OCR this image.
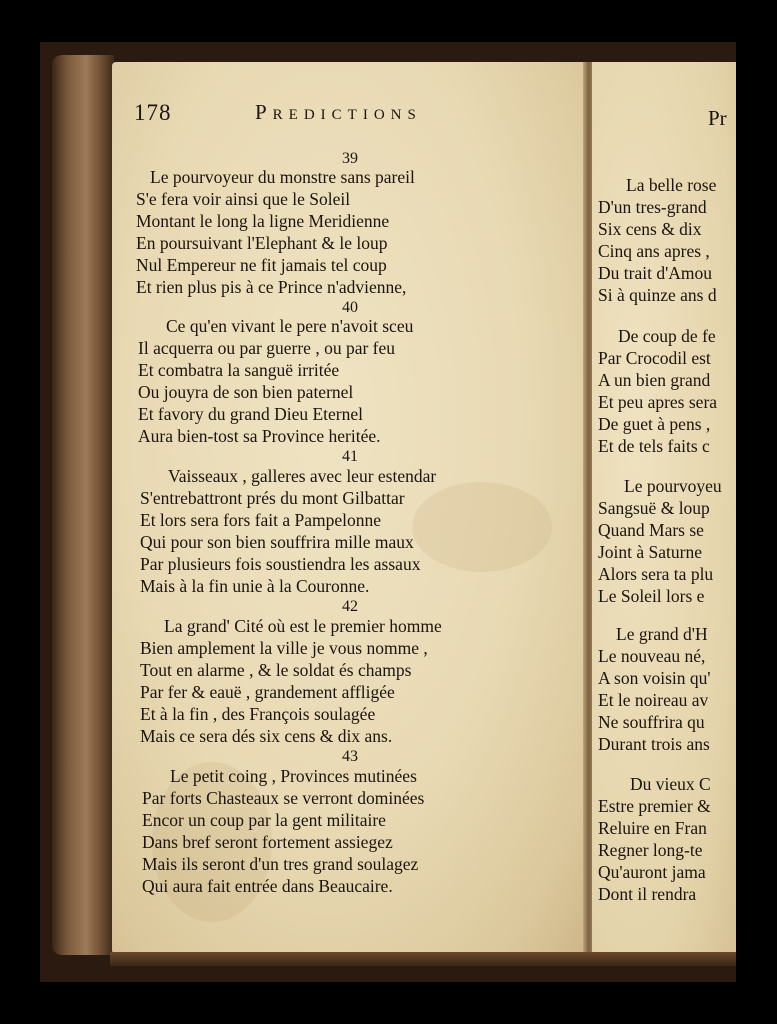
178	Predictions
39
Le pourvoyeur du monstre sans pareil
S'e fera voir ainsi que le Soleil
Montant le long la ligne Meridienne
En poursuivant l'Elephant & le loup
Nul Empereur ne fit jamais tel coup
Et rien plus pis à ce Prince n'advienne,
40
Ce qu'en vivant le pere n'avoit sceu
Il acquerra ou par guerre , ou par feu
Et combatra la sanguë irritée
Ou jouyra de son bien paternel
Et favory du grand Dieu Eternel
Aura bien-tost sa Province heritée.
41
Vaisseaux , galleres avec leur estendar
S'entrebattront prés du mont Gilbattar
Et lors sera fors fait a Pampelonne
Qui pour son bien souffrira mille maux
Par plusieurs fois soustiendra les assaux
Mais à la fin unie à la Couronne.
42
La grand' Cité où est le premier homme
Bien amplement la ville je vous nomme ,
Tout en alarme , & le soldat és champs
Par fer & eauë , grandement affligée
Et à la fin , des François soulagée
Mais ce sera dés six cens & dix ans.
43
Le petit coing , Provinces mutinées
Par forts Chasteaux se verront dominées
Encor un coup par la gent militaire
Dans bref seront fortement assiegez
Mais ils seront d'un tres grand soulagez
Qui aura fait entrée dans Beaucaire.
Pr
La belle rose
D'un tres-grand
Six cens & dix
Cinq ans apres ,
Du trait d'Amou
Si à quinze ans d
De coup de fe
Par Crocodil est
A un bien grand
Et peu apres sera
De guet à pens ,
Et de tels faits c
Le pourvoyeu
Sangsuë & loup
Quand Mars se
Joint à Saturne
Alors sera ta plu
Le Soleil lors e
Le grand d'H
Le nouveau né,
A son voisin qu'
Et le noireau av
Ne souffrira qu
Durant trois ans
Du vieux C
Estre premier &
Reluire en Fran
Regner long-te
Qu'auront jama
Dont il rendra
